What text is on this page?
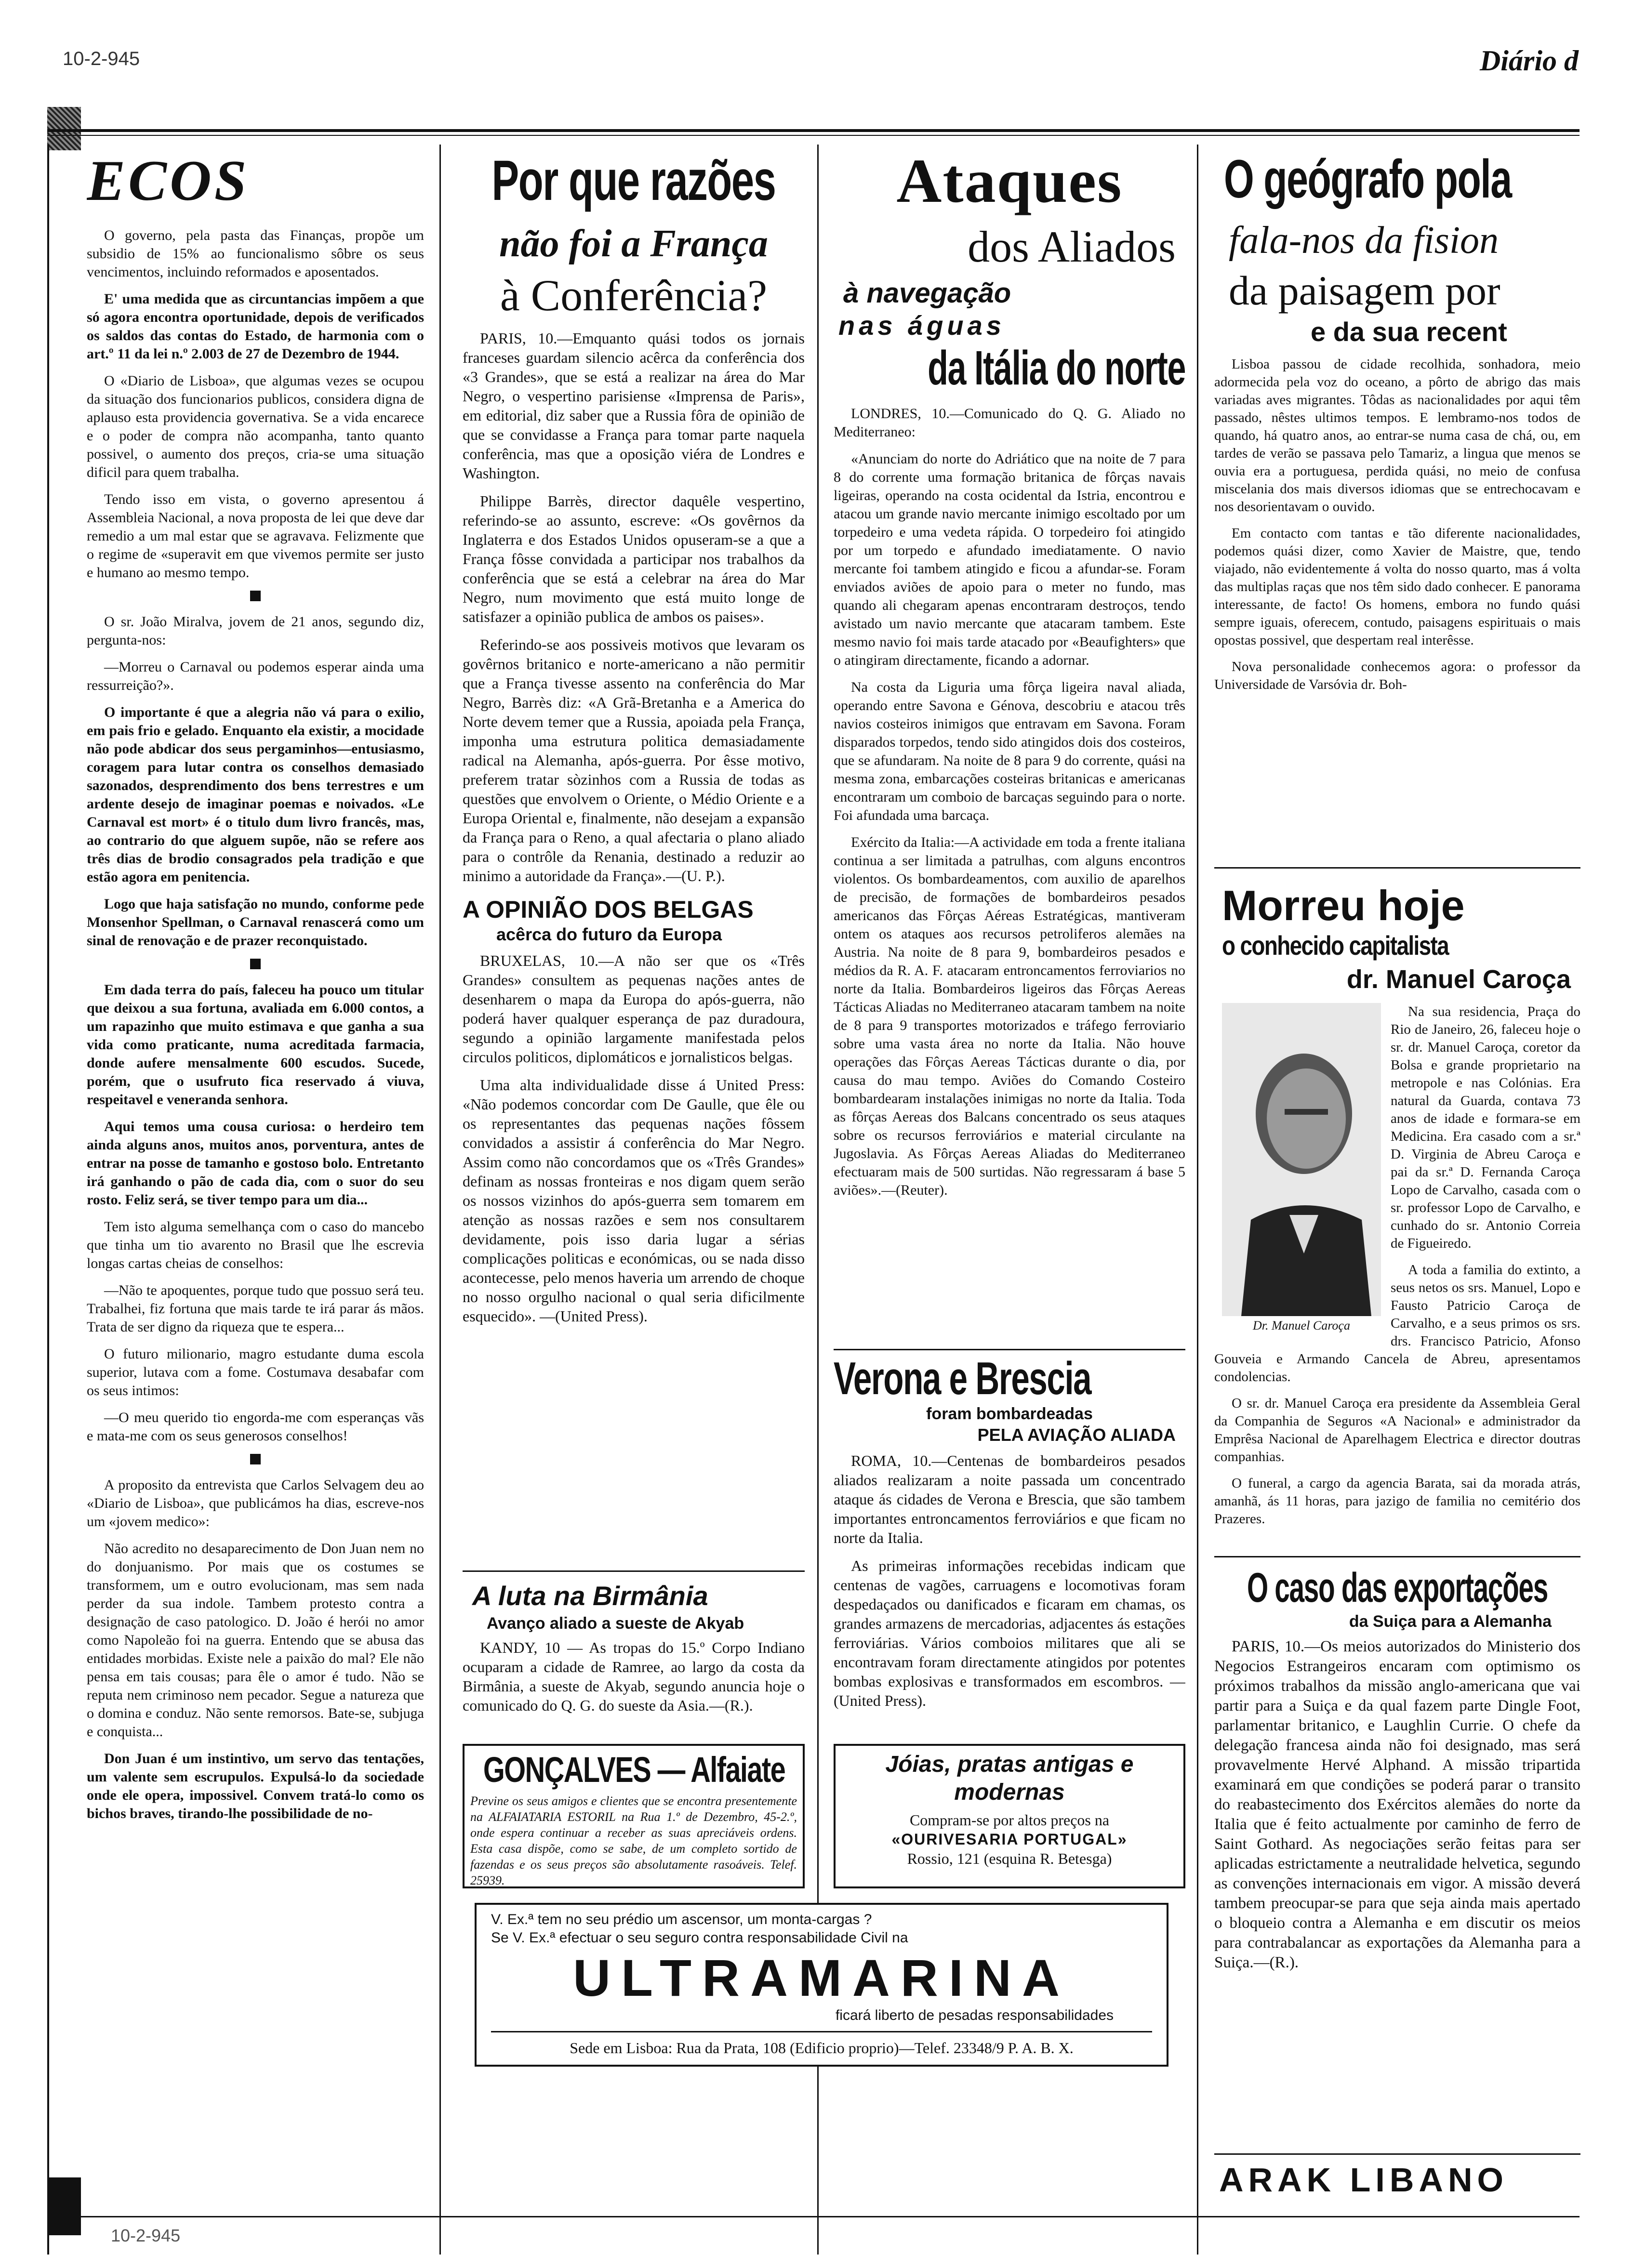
10-2-945	Diário d
ECOS
O governo, pela pasta das Finanças, propõe um subsidio de 15% ao funcionalismo sôbre os seus vencimentos, incluindo reformados e aposentados.
E' uma medida que as circuntancias impõem a que só agora encontra oportunidade, depois de verificados os saldos das contas do Estado, de harmonia com o art.º 11 da lei n.º 2.003 de 27 de Dezembro de 1944.
O «Diario de Lisboa», que algumas vezes se ocupou da situação dos funcionarios publicos, considera digna de aplauso esta providencia governativa. Se a vida encarece e o poder de compra não acompanha, tanto quanto possivel, o aumento dos preços, cria-se uma situação dificil para quem trabalha.
Tendo isso em vista, o governo apresentou á Assembleia Nacional, a nova proposta de lei que deve dar remedio a um mal estar que se agravava. Felizmente que o regime de «superavit em que vivemos permite ser justo e humano ao mesmo tempo.
O sr. João Miralva, jovem de 21 anos, segundo diz, pergunta-nos:
—Morreu o Carnaval ou podemos esperar ainda uma ressurreição?».
O importante é que a alegria não vá para o exilio, em pais frio e gelado. Enquanto ela existir, a mocidade não pode abdicar dos seus pergaminhos—entusiasmo, coragem para lutar contra os conselhos demasiado sazonados, desprendimento dos bens terrestres e um ardente desejo de imaginar poemas e noivados. «Le Carnaval est mort» é o titulo dum livro francês, mas, ao contrario do que alguem supõe, não se refere aos três dias de brodio consagrados pela tradição e que estão agora em penitencia.
Logo que haja satisfação no mundo, conforme pede Monsenhor Spellman, o Carnaval renascerá como um sinal de renovação e de prazer reconquistado.
Em dada terra do país, faleceu ha pouco um titular que deixou a sua fortuna, avaliada em 6.000 contos, a um rapazinho que muito estimava e que ganha a sua vida como praticante, numa acreditada farmacia, donde aufere mensalmente 600 escudos. Sucede, porém, que o usufruto fica reservado á viuva, respeitavel e veneranda senhora.
Aqui temos uma cousa curiosa: o herdeiro tem ainda alguns anos, muitos anos, porventura, antes de entrar na posse de tamanho e gostoso bolo. Entretanto irá ganhando o pão de cada dia, com o suor do seu rosto. Feliz será, se tiver tempo para um dia...
Tem isto alguma semelhança com o caso do mancebo que tinha um tio avarento no Brasil que lhe escrevia longas cartas cheias de conselhos:
—Não te apoquentes, porque tudo que possuo será teu. Trabalhei, fiz fortuna que mais tarde te irá parar ás mãos. Trata de ser digno da riqueza que te espera...
O futuro milionario, magro estudante duma escola superior, lutava com a fome. Costumava desabafar com os seus intimos:
—O meu querido tio engorda-me com esperanças vãs e mata-me com os seus generosos conselhos!
A proposito da entrevista que Carlos Selvagem deu ao «Diario de Lisboa», que publicámos ha dias, escreve-nos um «jovem medico»:
Não acredito no desaparecimento de Don Juan nem no do donjuanismo. Por mais que os costumes se transformem, um e outro evolucionam, mas sem nada perder da sua indole. Tambem protesto contra a designação de caso patologico. D. João é herói no amor como Napoleão foi na guerra. Entendo que se abusa das entidades morbidas. Existe nele a paixão do mal? Ele não pensa em tais cousas; para êle o amor é tudo. Não se reputa nem criminoso nem pecador. Segue a natureza que o domina e conduz. Não sente remorsos. Bate-se, subjuga e conquista...
Don Juan é um instintivo, um servo das tentações, um valente sem escrupulos. Expulsá-lo da sociedade onde ele opera, impossivel. Convem tratá-lo como os bichos braves, tirando-lhe possibilidade de no-
Por que razões
não foi a França
à Conferência?
PARIS, 10.—Emquanto quási todos os jornais franceses guardam silencio acêrca da conferência dos «3 Grandes», que se está a realizar na área do Mar Negro, o vespertino parisiense «Imprensa de Paris», em editorial, diz saber que a Russia fôra de opinião de que se convidasse a França para tomar parte naquela conferência, mas que a oposição viéra de Londres e Washington.
Philippe Barrès, director daquêle vespertino, referindo-se ao assunto, escreve: «Os govêrnos da Inglaterra e dos Estados Unidos opuseram-se a que a França fôsse convidada a participar nos trabalhos da conferência que se está a celebrar na área do Mar Negro, num movimento que está muito longe de satisfazer a opinião publica de ambos os paises».
Referindo-se aos possiveis motivos que levaram os govêrnos britanico e norte-americano a não permitir que a França tivesse assento na conferência do Mar Negro, Barrès diz: «A Grã-Bretanha e a America do Norte devem temer que a Russia, apoiada pela França, imponha uma estrutura politica demasiadamente radical na Alemanha, após-guerra. Por êsse motivo, preferem tratar sòzinhos com a Russia de todas as questões que envolvem o Oriente, o Médio Oriente e a Europa Oriental e, finalmente, não desejam a expansão da França para o Reno, a qual afectaria o plano aliado para o contrôle da Renania, destinado a reduzir ao minimo a autoridade da França».—(U. P.).
A OPINIÃO DOS BELGAS
acêrca do futuro da Europa
BRUXELAS, 10.—A não ser que os «Três Grandes» consultem as pequenas nações antes de desenharem o mapa da Europa do após-guerra, não poderá haver qualquer esperança de paz duradoura, segundo a opinião largamente manifestada pelos circulos politicos, diplomáticos e jornalisticos belgas.
Uma alta individualidade disse á United Press: «Não podemos concordar com De Gaulle, que êle ou os representantes das pequenas nações fôssem convidados a assistir á conferência do Mar Negro. Assim como não concordamos que os «Três Grandes» definam as nossas fronteiras e nos digam quem serão os nossos vizinhos do após-guerra sem tomarem em atenção as nossas razões e sem nos consultarem devidamente, pois isso daria lugar a sérias complicações politicas e económicas, ou se nada disso acontecesse, pelo menos haveria um arrendo de choque no nosso orgulho nacional o qual seria dificilmente esquecido». —(United Press).
A luta na Birmânia
Avanço aliado a sueste de Akyab
KANDY, 10 — As tropas do 15.º Corpo Indiano ocuparam a cidade de Ramree, ao largo da costa da Birmânia, a sueste de Akyab, segundo anuncia hoje o comunicado do Q. G. do sueste da Asia.—(R.).
GONÇALVES — Alfaiate
Previne os seus amigos e clientes que se encontra presentemente na ALFAIATARIA ESTORIL na Rua 1.º de Dezembro, 45-2.º, onde espera continuar a receber as suas apreciáveis ordens. Esta casa dispõe, como se sabe, de um completo sortido de fazendas e os seus preços são absolutamente rasoáveis. Telef. 25939.
Ataques
dos Aliados
à navegação
nas águas
da Itália do norte
LONDRES, 10.—Comunicado do Q. G. Aliado no Mediterraneo:
«Anunciam do norte do Adriático que na noite de 7 para 8 do corrente uma formação britanica de fôrças navais ligeiras, operando na costa ocidental da Istria, encontrou e atacou um grande navio mercante inimigo escoltado por um torpedeiro e uma vedeta rápida. O torpedeiro foi atingido por um torpedo e afundado imediatamente. O navio mercante foi tambem atingido e ficou a afundar-se. Foram enviados aviões de apoio para o meter no fundo, mas quando ali chegaram apenas encontraram destroços, tendo avistado um navio mercante que atacaram tambem. Este mesmo navio foi mais tarde atacado por «Beaufighters» que o atingiram directamente, ficando a adornar.
Na costa da Liguria uma fôrça ligeira naval aliada, operando entre Savona e Génova, descobriu e atacou três navios costeiros inimigos que entravam em Savona. Foram disparados torpedos, tendo sido atingidos dois dos costeiros, que se afundaram. Na noite de 8 para 9 do corrente, quási na mesma zona, embarcações costeiras britanicas e americanas encontraram um comboio de barcaças seguindo para o norte. Foi afundada uma barcaça.
Exército da Italia:—A actividade em toda a frente italiana continua a ser limitada a patrulhas, com alguns encontros violentos. Os bombardeamentos, com auxilio de aparelhos de precisão, de formações de bombardeiros pesados americanos das Fôrças Aéreas Estratégicas, mantiveram ontem os ataques aos recursos petroliferos alemães na Austria. Na noite de 8 para 9, bombardeiros pesados e médios da R. A. F. atacaram entroncamentos ferroviarios no norte da Italia. Bombardeiros ligeiros das Fôrças Aereas Tácticas Aliadas no Mediterraneo atacaram tambem na noite de 8 para 9 transportes motorizados e tráfego ferroviario sobre uma vasta área no norte da Italia. Não houve operações das Fôrças Aereas Tácticas durante o dia, por causa do mau tempo. Aviões do Comando Costeiro bombardearam instalações inimigas no norte da Italia. Toda as fôrças Aereas dos Balcans concentrado os seus ataques sobre os recursos ferroviários e material circulante na Jugoslavia. As Fôrças Aereas Aliadas do Mediterraneo efectuaram mais de 500 surtidas. Não regressaram á base 5 aviões».—(Reuter).
Verona e Brescia
foram bombardeadas
PELA AVIAÇÃO ALIADA
ROMA, 10.—Centenas de bombardeiros pesados aliados realizaram a noite passada um concentrado ataque ás cidades de Verona e Brescia, que são tambem importantes entroncamentos ferroviários e que ficam no norte da Italia.
As primeiras informações recebidas indicam que centenas de vagões, carruagens e locomotivas foram despedaçados ou danificados e ficaram em chamas, os grandes armazens de mercadorias, adjacentes ás estações ferroviárias. Vários comboios militares que ali se encontravam foram directamente atingidos por potentes bombas explosivas e transformados em escombros. —(United Press).
Jóias, pratas antigas e modernas
Compram-se por altos preços na
«OURIVESARIA PORTUGAL»
Rossio, 121 (esquina R. Betesga)
V. Ex.ª tem no seu prédio um ascensor, um monta-cargas ?
Se V. Ex.ª efectuar o seu seguro contra responsabilidade Civil na
ULTRAMARINA
ficará liberto de pesadas responsabilidades
Sede em Lisboa: Rua da Prata, 108 (Edificio proprio)—Telef. 23348/9 P. A. B. X.
O geógrafo pola
fala-nos da fision
da paisagem por
e da sua recent
Lisboa passou de cidade recolhida, sonhadora, meio adormecida pela voz do oceano, a pôrto de abrigo das mais variadas aves migrantes. Tôdas as nacionalidades por aqui têm passado, nêstes ultimos tempos. E lembramo-nos todos de quando, há quatro anos, ao entrar-se numa casa de chá, ou, em tardes de verão se passava pelo Tamariz, a lingua que menos se ouvia era a portuguesa, perdida quási, no meio de confusa miscelania dos mais diversos idiomas que se entrechocavam e nos desorientavam o ouvido.
Em contacto com tantas e tão diferente nacionalidades, podemos quási dizer, como Xavier de Maistre, que, tendo viajado, não evidentemente á volta do nosso quarto, mas á volta das multiplas raças que nos têm sido dado conhecer. E panorama interessante, de facto! Os homens, embora no fundo quási sempre iguais, oferecem, contudo, paisagens espirituais o mais opostas possivel, que despertam real interêsse.
Nova personalidade conhecemos agora: o professor da Universidade de Varsóvia dr. Boh-
Morreu hoje
o conhecido capitalista
dr. Manuel Caroça
Dr. Manuel Caroça
Na sua residencia, Praça do Rio de Janeiro, 26, faleceu hoje o sr. dr. Manuel Caroça, coretor da Bolsa e grande proprietario na metropole e nas Colónias. Era natural da Guarda, contava 73 anos de idade e formara-se em Medicina. Era casado com a sr.ª D. Virginia de Abreu Caroça e pai da sr.ª D. Fernanda Caroça Lopo de Carvalho, casada com o sr. professor Lopo de Carvalho, e cunhado do sr. Antonio Correia de Figueiredo.
A toda a familia do extinto, a seus netos os srs. Manuel, Lopo e Fausto Patricio Caroça de Carvalho, e a seus primos os srs. drs. Francisco Patricio, Afonso Gouveia e Armando Cancela de Abreu, apresentamos condolencias.
O sr. dr. Manuel Caroça era presidente da Assembleia Geral da Companhia de Seguros «A Nacional» e administrador da Emprêsa Nacional de Aparelhagem Electrica e director doutras companhias.
O funeral, a cargo da agencia Barata, sai da morada atrás, amanhã, ás 11 horas, para jazigo de familia no cemitério dos Prazeres.
O caso das exportações
da Suiça para a Alemanha
PARIS, 10.—Os meios autorizados do Ministerio dos Negocios Estrangeiros encaram com optimismo os próximos trabalhos da missão anglo-americana que vai partir para a Suiça e da qual fazem parte Dingle Foot, parlamentar britanico, e Laughlin Currie. O chefe da delegação francesa ainda não foi designado, mas será provavelmente Hervé Alphand. A missão tripartida examinará em que condições se poderá parar o transito do reabastecimento dos Exércitos alemães do norte da Italia que é feito actualmente por caminho de ferro de Saint Gothard. As negociações serão feitas para ser aplicadas estrictamente a neutralidade helvetica, segundo as convenções internacionais em vigor. A missão deverá tambem preocupar-se para que seja ainda mais apertado o bloqueio contra a Alemanha e em discutir os meios para contrabalancar as exportações da Alemanha para a Suiça.—(R.).
ARAK LIBANO
10-2-945
